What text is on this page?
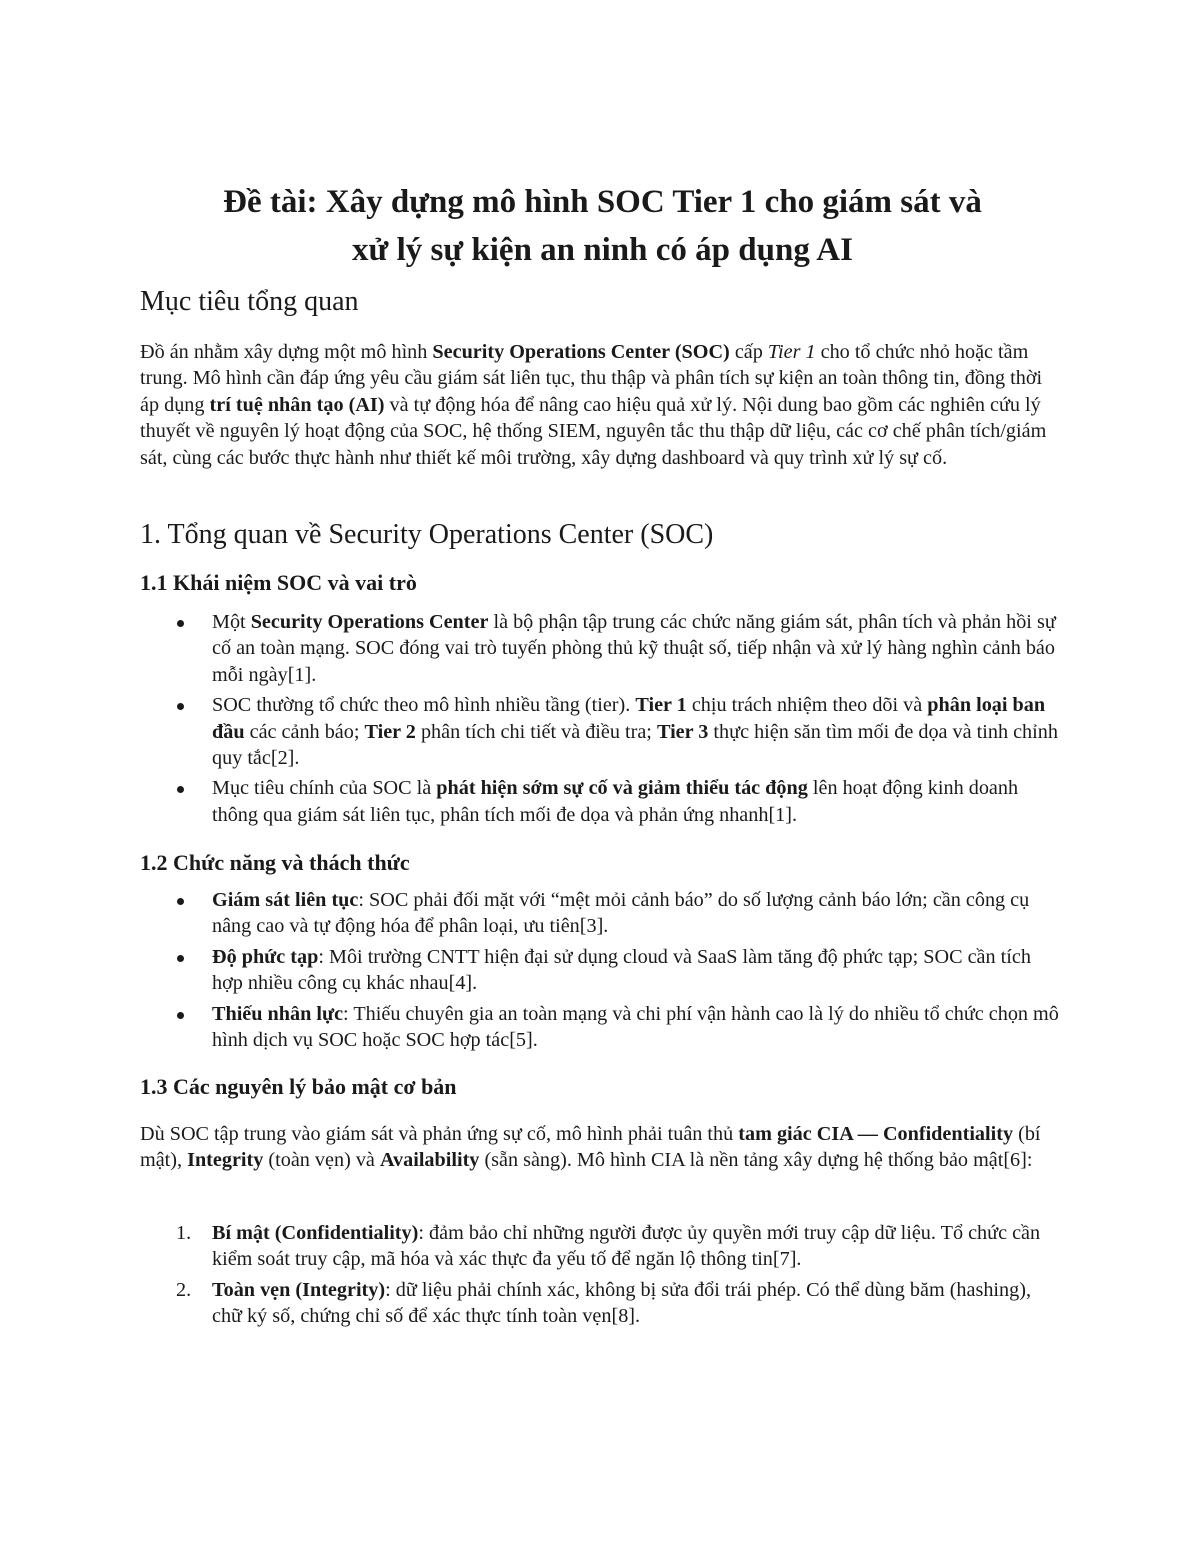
Đề tài: Xây dựng mô hình SOC Tier 1 cho giám sát và
xử lý sự kiện an ninh có áp dụng AI
Mục tiêu tổng quan

Đồ án nhằm xây dựng một mô hình Security Operations Center (SOC) cấp Tier 1 cho tổ chức nhỏ hoặc tầm trung. Mô hình cần đáp ứng yêu cầu giám sát liên tục, thu thập và phân tích sự kiện an toàn thông tin, đồng thời áp dụng trí tuệ nhân tạo (AI) và tự động hóa để nâng cao hiệu quả xử lý. Nội dung bao gồm các nghiên cứu lý thuyết về nguyên lý hoạt động của SOC, hệ thống SIEM, nguyên tắc thu thập dữ liệu, các cơ chế phân tích/giám sát, cùng các bước thực hành như thiết kế môi trường, xây dựng dashboard và quy trình xử lý sự cố.

1. Tổng quan về Security Operations Center (SOC)
1.1 Khái niệm SOC và vai trò
Một Security Operations Center là bộ phận tập trung các chức năng giám sát, phân tích và phản hồi sự cố an toàn mạng. SOC đóng vai trò tuyến phòng thủ kỹ thuật số, tiếp nhận và xử lý hàng nghìn cảnh báo mỗi ngày[1].
SOC thường tổ chức theo mô hình nhiều tầng (tier). Tier 1 chịu trách nhiệm theo dõi và phân loại ban đầu các cảnh báo; Tier 2 phân tích chi tiết và điều tra; Tier 3 thực hiện săn tìm mối đe dọa và tinh chỉnh quy tắc[2].
Mục tiêu chính của SOC là phát hiện sớm sự cố và giảm thiểu tác động lên hoạt động kinh doanh thông qua giám sát liên tục, phân tích mối đe dọa và phản ứng nhanh[1].
1.2 Chức năng và thách thức
Giám sát liên tục: SOC phải đối mặt với “mệt mỏi cảnh báo” do số lượng cảnh báo lớn; cần công cụ nâng cao và tự động hóa để phân loại, ưu tiên[3].
Độ phức tạp: Môi trường CNTT hiện đại sử dụng cloud và SaaS làm tăng độ phức tạp; SOC cần tích hợp nhiều công cụ khác nhau[4].
Thiếu nhân lực: Thiếu chuyên gia an toàn mạng và chi phí vận hành cao là lý do nhiều tổ chức chọn mô hình dịch vụ SOC hoặc SOC hợp tác[5].
1.3 Các nguyên lý bảo mật cơ bản

Dù SOC tập trung vào giám sát và phản ứng sự cố, mô hình phải tuân thủ tam giác CIA — Confidentiality (bí mật), Integrity (toàn vẹn) và Availability (sẵn sàng). Mô hình CIA là nền tảng xây dựng hệ thống bảo mật[6]:

1. Bí mật (Confidentiality): đảm bảo chỉ những người được ủy quyền mới truy cập dữ liệu. Tổ chức cần kiểm soát truy cập, mã hóa và xác thực đa yếu tố để ngăn lộ thông tin[7].
2. Toàn vẹn (Integrity): dữ liệu phải chính xác, không bị sửa đổi trái phép. Có thể dùng băm (hashing), chữ ký số, chứng chỉ số để xác thực tính toàn vẹn[8].
